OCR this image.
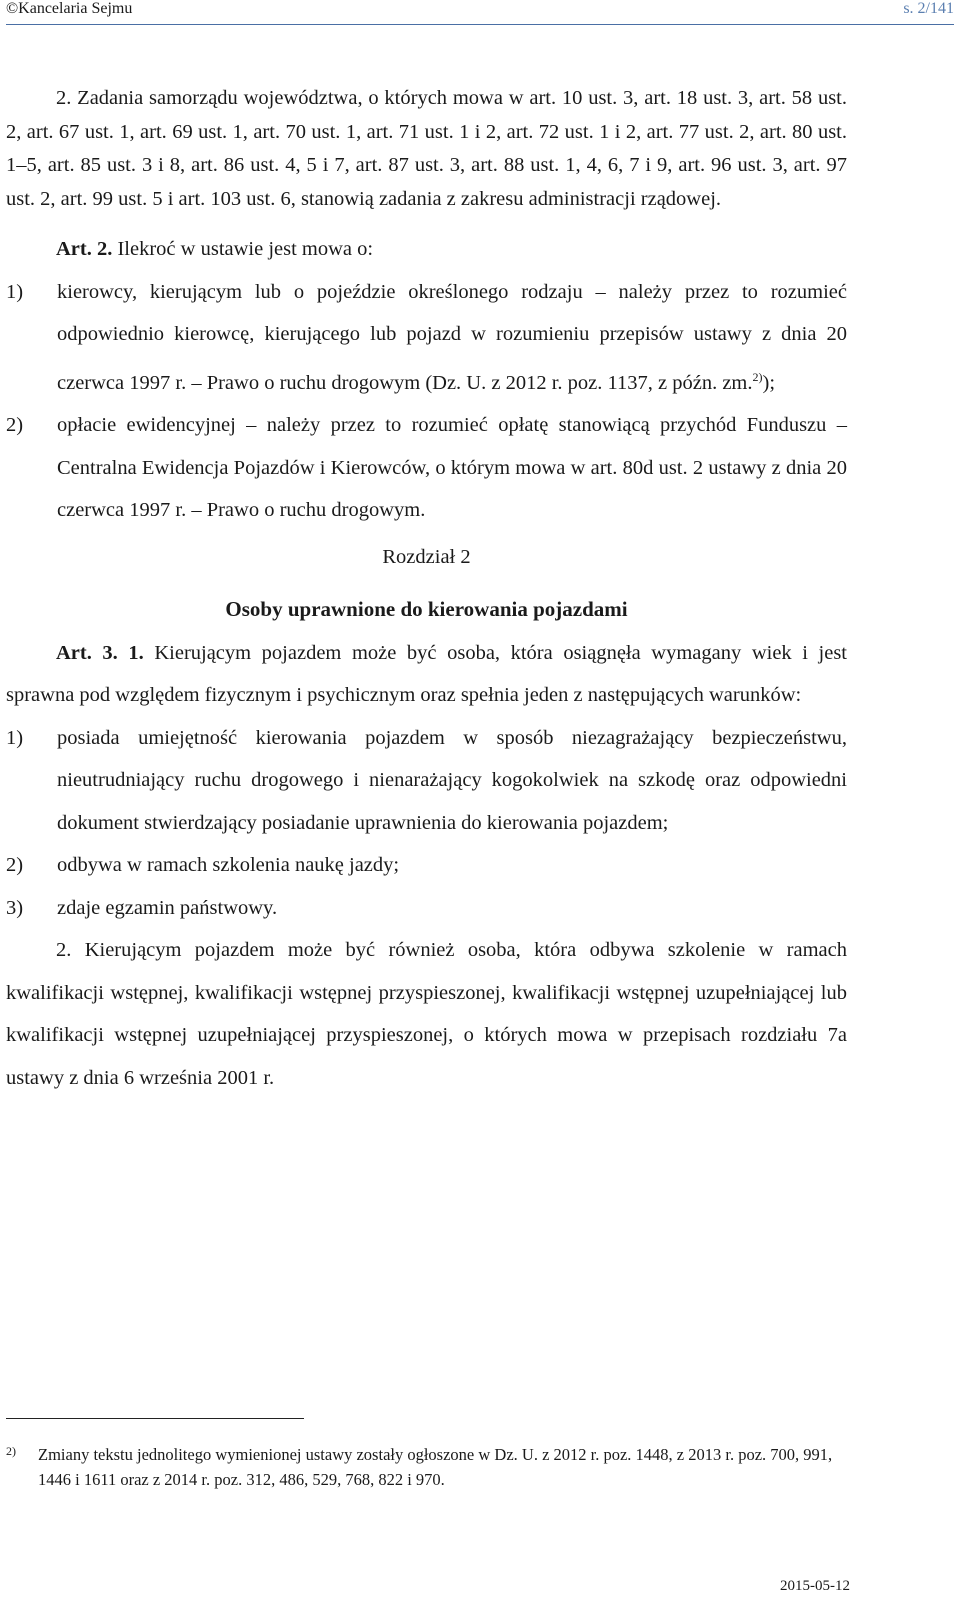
©Kancelaria Sejmu	s. 2/141

2. Zadania samorządu województwa, o których mowa w art. 10 ust. 3, art. 18 ust. 3, art. 58 ust. 2, art. 67 ust. 1, art. 69 ust. 1, art. 70 ust. 1, art. 71 ust. 1 i 2, art. 72 ust. 1 i 2, art. 77 ust. 2, art. 80 ust. 1–5, art. 85 ust. 3 i 8, art. 86 ust. 4, 5 i 7, art. 87 ust. 3, art. 88 ust. 1, 4, 6, 7 i 9, art. 96 ust. 3, art. 97 ust. 2, art. 99 ust. 5 i art. 103 ust. 6, stanowią zadania z zakresu administracji rządowej.

Art. 2. Ilekroć w ustawie jest mowa o:

1)	kierowcy, kierującym lub o pojeździe określonego rodzaju – należy przez to rozumieć odpowiednio kierowcę, kierującego lub pojazd w rozumieniu przepisów ustawy z dnia 20 czerwca 1997 r. – Prawo o ruchu drogowym (Dz. U. z 2012 r. poz. 1137, z późn. zm.$^{2)}$);
2)	opłacie ewidencyjnej – należy przez to rozumieć opłatę stanowiącą przychód Funduszu – Centralna Ewidencja Pojazdów i Kierowców, o którym mowa w art. 80d ust. 2 ustawy z dnia 20 czerwca 1997 r. – Prawo o ruchu drogowym.

Rozdział 2

Osoby uprawnione do kierowania pojazdami

Art. 3. 1. Kierującym pojazdem może być osoba, która osiągnęła wymagany wiek i jest sprawna pod względem fizycznym i psychicznym oraz spełnia jeden z następujących warunków:

1)	posiada umiejętność kierowania pojazdem w sposób niezagrażający bezpieczeństwu, nieutrudniający ruchu drogowego i nienarażający kogokolwiek na szkodę oraz odpowiedni dokument stwierdzający posiadanie uprawnienia do kierowania pojazdem;
2)	odbywa w ramach szkolenia naukę jazdy;
3)	zdaje egzamin państwowy.

2. Kierującym pojazdem może być również osoba, która odbywa szkolenie w ramach kwalifikacji wstępnej, kwalifikacji wstępnej przyspieszonej, kwalifikacji wstępnej uzupełniającej lub kwalifikacji wstępnej uzupełniającej przyspieszonej, o których mowa w przepisach rozdziału 7a ustawy z dnia 6 września 2001 r.

2)	Zmiany tekstu jednolitego wymienionej ustawy zostały ogłoszone w Dz. U. z 2012 r. poz. 1448, z 2013 r. poz. 700, 991, 1446 i 1611 oraz z 2014 r. poz. 312, 486, 529, 768, 822 i 970.
2015-05-12
